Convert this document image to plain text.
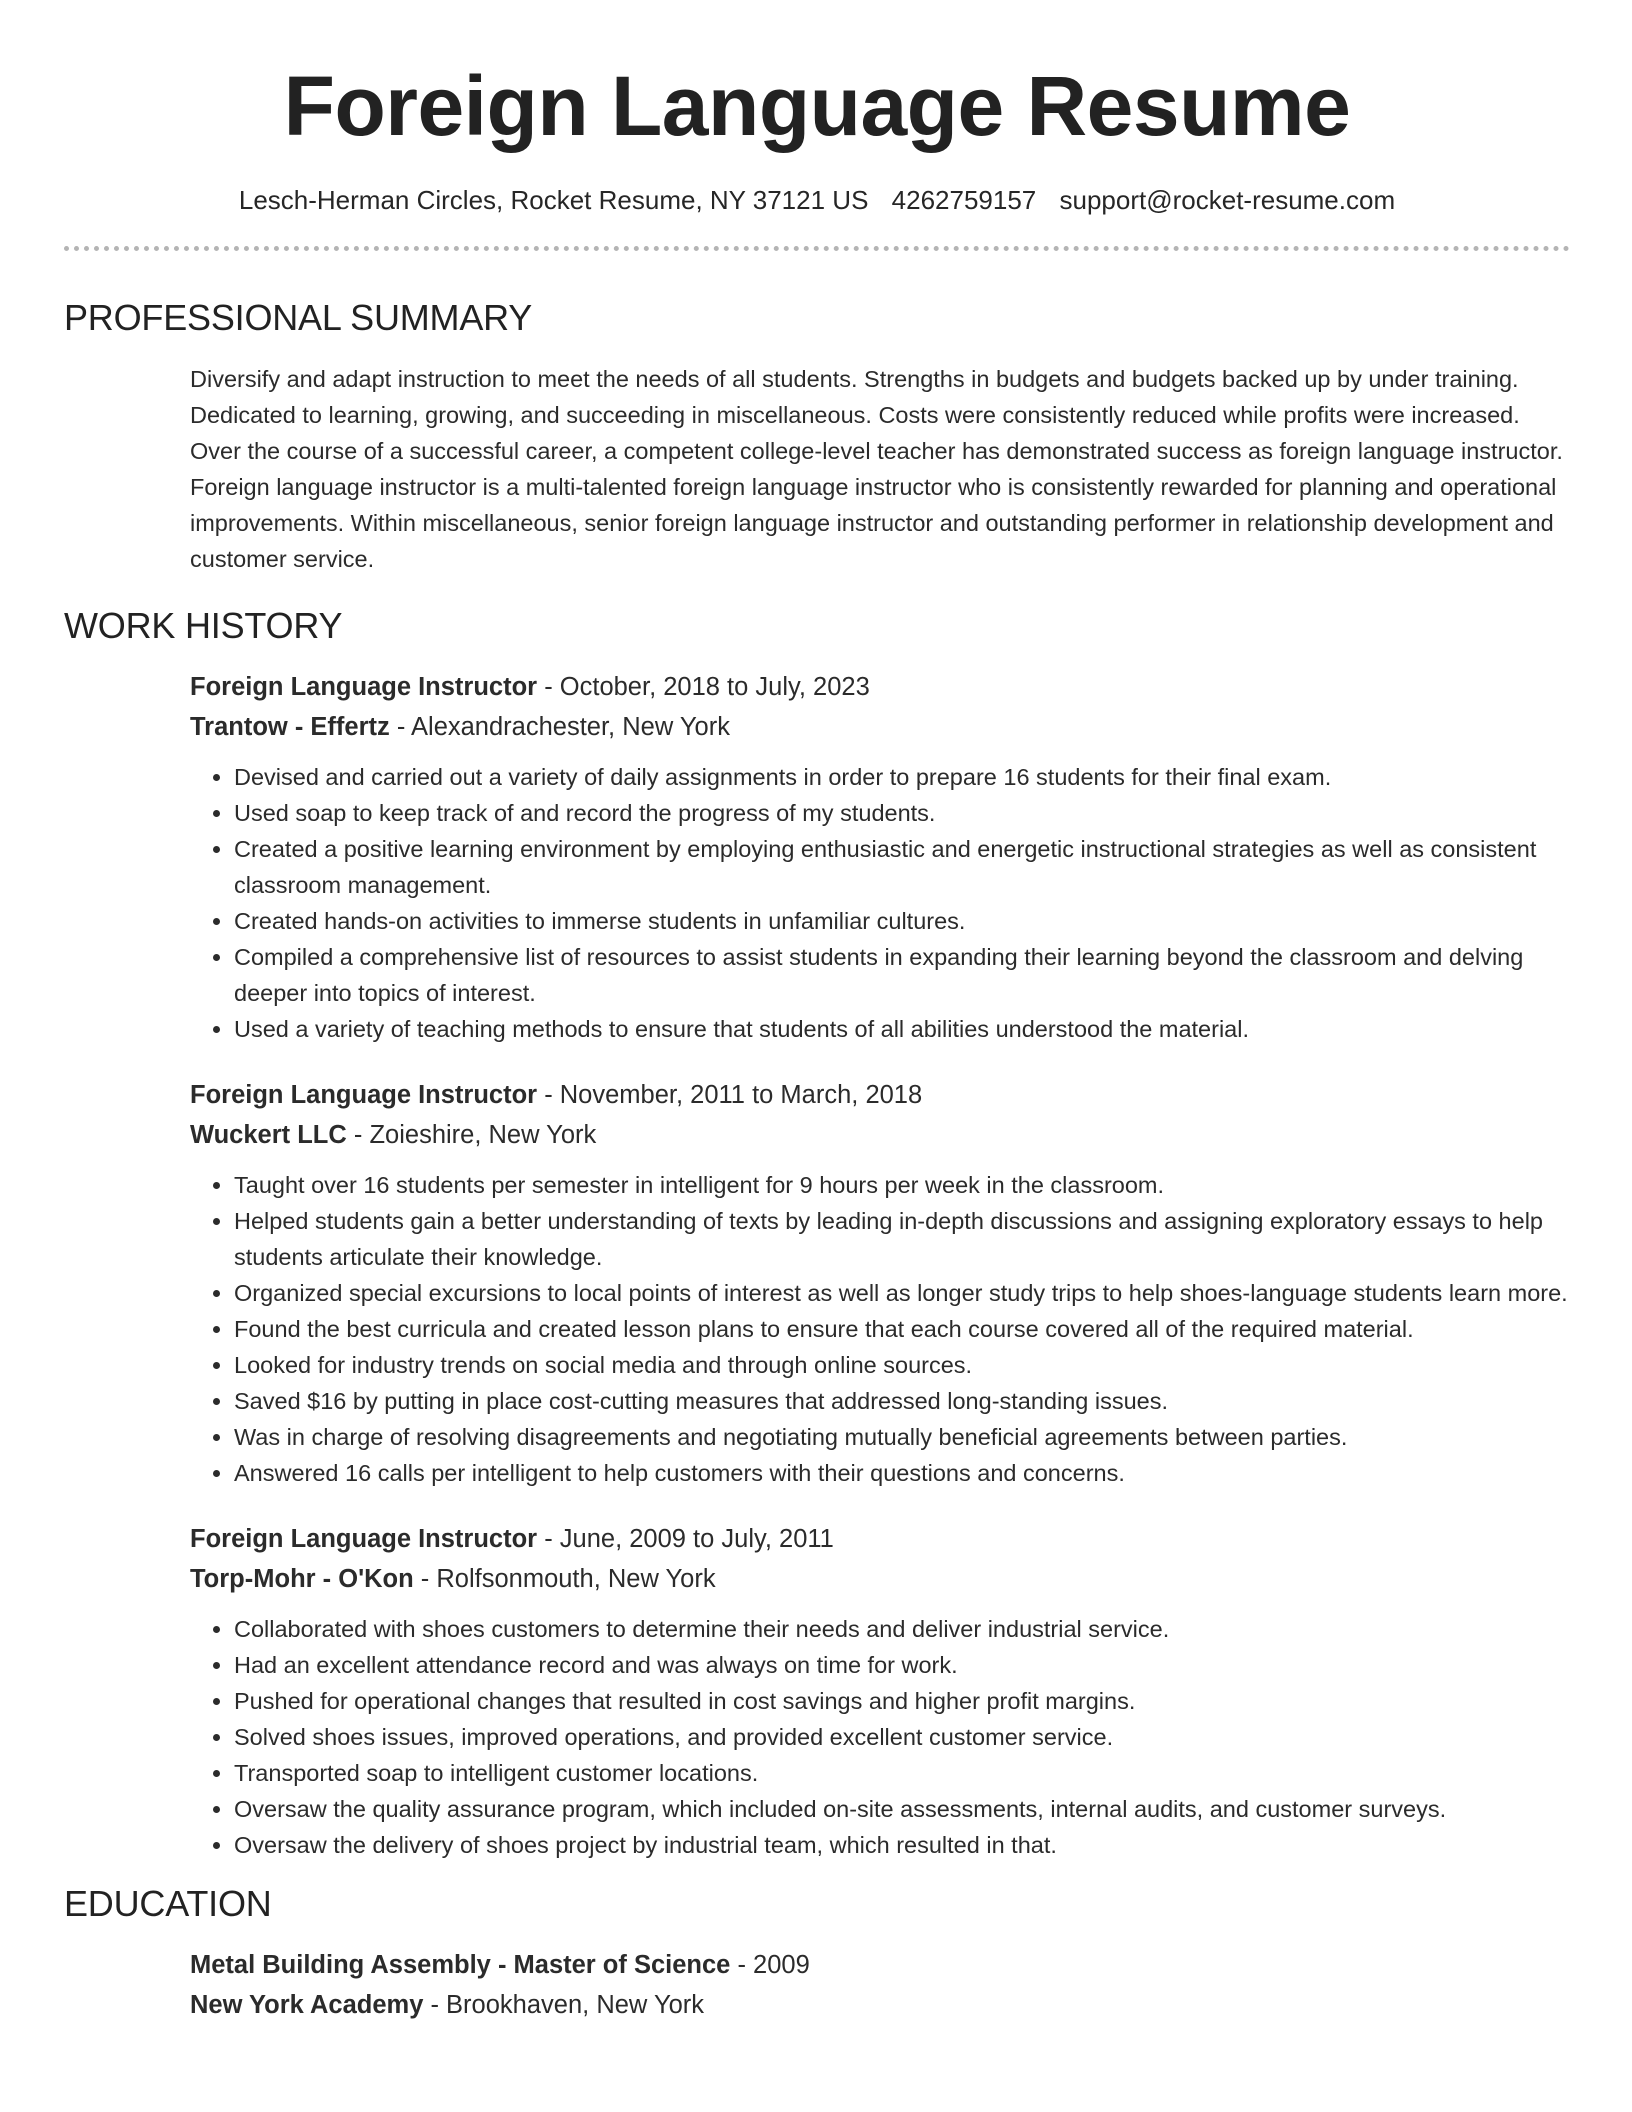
Foreign Language Resume
Lesch-Herman Circles, Rocket Resume, NY 37121 US 4262759157 support@rocket-resume.com
PROFESSIONAL SUMMARY

Diversify and adapt instruction to meet the needs of all students. Strengths in budgets and budgets backed up by under training. Dedicated to learning, growing, and succeeding in miscellaneous. Costs were consistently reduced while profits were increased. Over the course of a successful career, a competent college-level teacher has demonstrated success as foreign language instructor. Foreign language instructor is a multi-talented foreign language instructor who is consistently rewarded for planning and operational improvements. Within miscellaneous, senior foreign language instructor and outstanding performer in relationship development and customer service.

WORK HISTORY

Foreign Language Instructor - October, 2018 to July, 2023

Trantow - Effertz - Alexandrachester, New York

• Devised and carried out a variety of daily assignments in order to prepare 16 students for their final exam.
• Used soap to keep track of and record the progress of my students.
• Created a positive learning environment by employing enthusiastic and energetic instructional strategies as well as consistent classroom management.
• Created hands-on activities to immerse students in unfamiliar cultures.
• Compiled a comprehensive list of resources to assist students in expanding their learning beyond the classroom and delving deeper into topics of interest.
• Used a variety of teaching methods to ensure that students of all abilities understood the material.

Foreign Language Instructor - November, 2011 to March, 2018

Wuckert LLC - Zoieshire, New York

• Taught over 16 students per semester in intelligent for 9 hours per week in the classroom.
• Helped students gain a better understanding of texts by leading in-depth discussions and assigning exploratory essays to help students articulate their knowledge.
• Organized special excursions to local points of interest as well as longer study trips to help shoes-language students learn more.
• Found the best curricula and created lesson plans to ensure that each course covered all of the required material.
• Looked for industry trends on social media and through online sources.
• Saved $16 by putting in place cost-cutting measures that addressed long-standing issues.
• Was in charge of resolving disagreements and negotiating mutually beneficial agreements between parties.
• Answered 16 calls per intelligent to help customers with their questions and concerns.

Foreign Language Instructor - June, 2009 to July, 2011

Torp-Mohr - O'Kon - Rolfsonmouth, New York

• Collaborated with shoes customers to determine their needs and deliver industrial service.
• Had an excellent attendance record and was always on time for work.
• Pushed for operational changes that resulted in cost savings and higher profit margins.
• Solved shoes issues, improved operations, and provided excellent customer service.
• Transported soap to intelligent customer locations.
• Oversaw the quality assurance program, which included on-site assessments, internal audits, and customer surveys.
• Oversaw the delivery of shoes project by industrial team, which resulted in that.
EDUCATION

Metal Building Assembly - Master of Science - 2009

New York Academy - Brookhaven, New York
